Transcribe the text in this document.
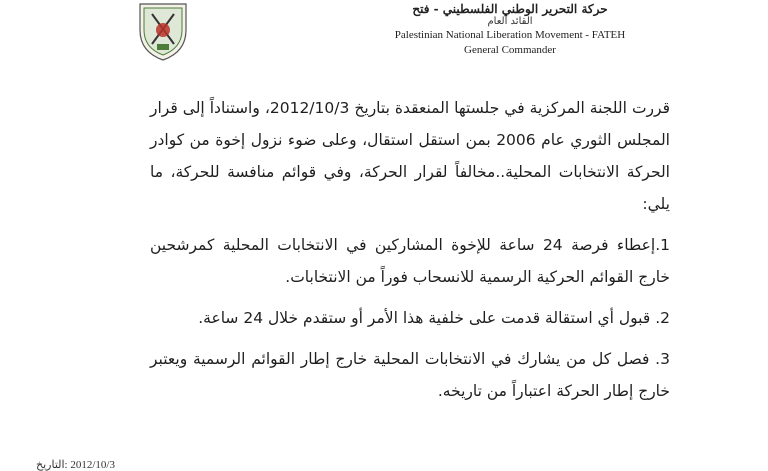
حركة التحرير الوطني الفلسطيني - فتح
القائد العام
Palestinian National Liberation Movement - FATEH
General Commander

قررت اللجنة المركزية في جلستها المنعقدة بتاريخ 2012/10/3، واستناداً إلى قرار المجلس الثوري عام 2006 بمن استقل استقال، وعلى ضوء نزول إخوة من كوادر الحركة الانتخابات المحلية..مخالفاً لقرار الحركة، وفي قوائم منافسة للحركة، ما يلي:

1.إعطاء فرصة 24 ساعة للإخوة المشاركين في الانتخابات المحلية كمرشحين خارج القوائم الحركية الرسمية للانسحاب فوراً من الانتخابات.

2. قبول أي استقالة قدمت على خلفية هذا الأمر أو ستقدم خلال 24 ساعة.

3. فصل كل من يشارك في الانتخابات المحلية خارج إطار القوائم الرسمية ويعتبر خارج إطار الحركة اعتباراً من تاريخه.

2012/10/3 :التاريخ
